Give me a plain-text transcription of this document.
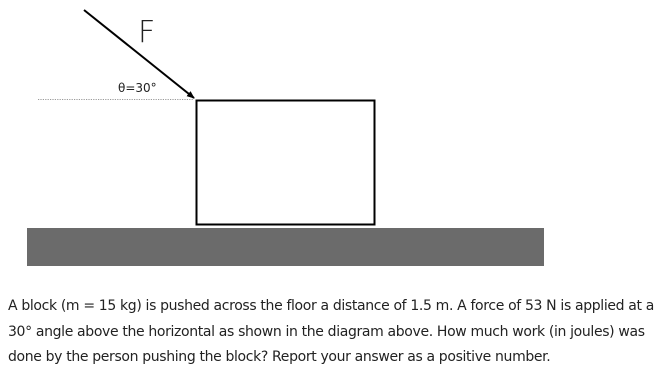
F
θ=30°

A block (m = 15 kg) is pushed across the floor a distance of 1.5 m. A force of 53 N is applied at a 30° angle above the horizontal as shown in the diagram above. How much work (in joules) was done by the person pushing the block? Report your answer as a positive number.
